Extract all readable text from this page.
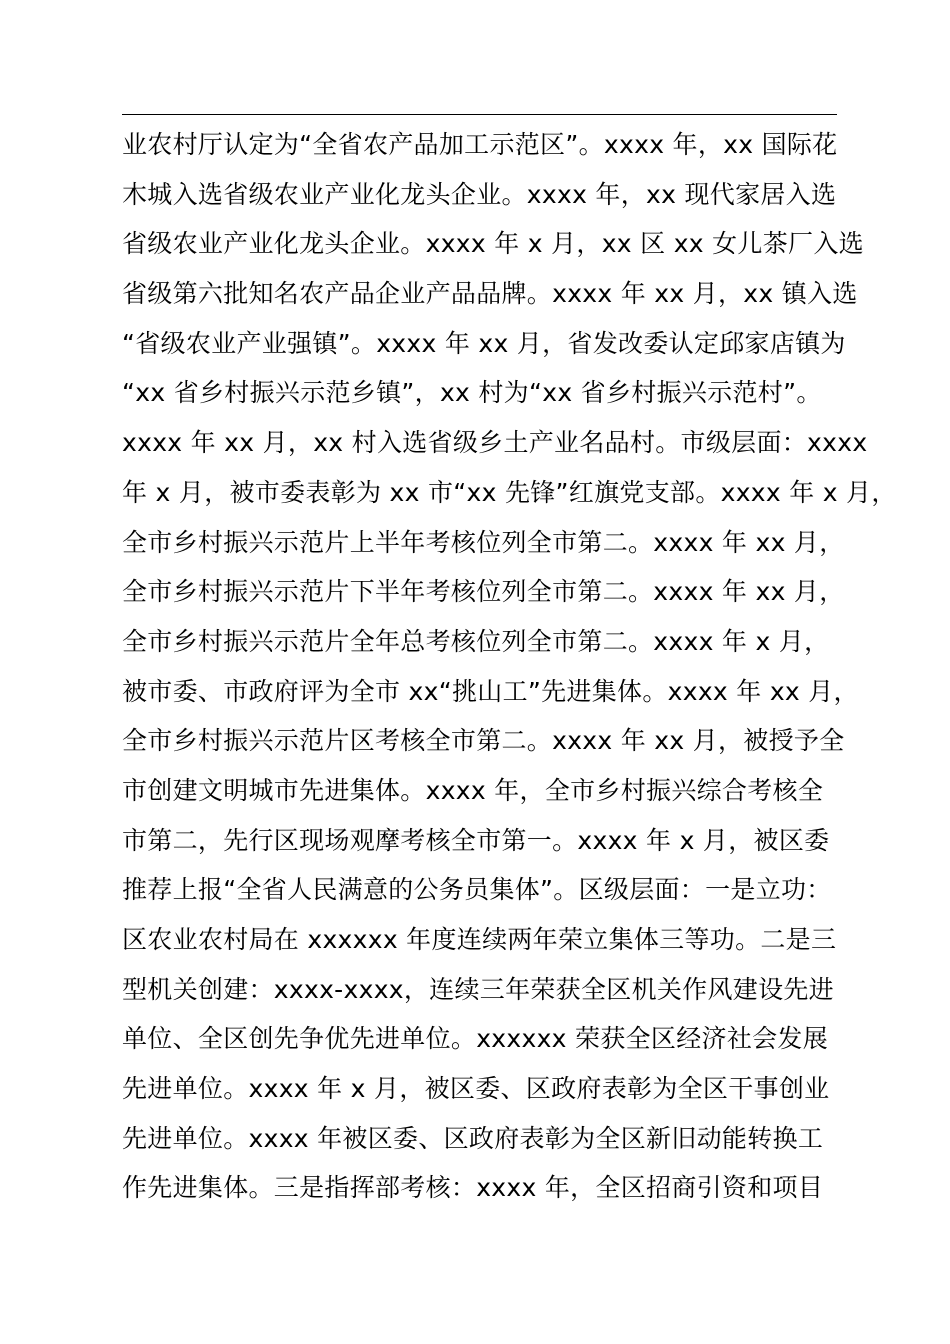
业农村厅认定为“全省农产品加工示范区”。xxxx 年，xx 国际花
木城入选省级农业产业化龙头企业。xxxx 年，xx 现代家居入选
省级农业产业化龙头企业。xxxx 年 x 月，xx 区 xx 女儿茶厂入选
省级第六批知名农产品企业产品品牌。xxxx 年 xx 月，xx 镇入选
“省级农业产业强镇”。xxxx 年 xx 月，省发改委认定邱家店镇为
“xx 省乡村振兴示范乡镇”，xx 村为“xx 省乡村振兴示范村”。
xxxx 年 xx 月，xx 村入选省级乡土产业名品村。市级层面：xxxx
年 x 月，被市委表彰为 xx 市“xx 先锋”红旗党支部。xxxx 年 x 月，
全市乡村振兴示范片上半年考核位列全市第二。xxxx 年 xx 月，
全市乡村振兴示范片下半年考核位列全市第二。xxxx 年 xx 月，
全市乡村振兴示范片全年总考核位列全市第二。xxxx 年 x 月，
被市委、市政府评为全市 xx“挑山工”先进集体。xxxx 年 xx 月，
全市乡村振兴示范片区考核全市第二。xxxx 年 xx 月，被授予全
市创建文明城市先进集体。xxxx 年，全市乡村振兴综合考核全
市第二，先行区现场观摩考核全市第一。xxxx 年 x 月，被区委
推荐上报“全省人民满意的公务员集体”。区级层面：一是立功：
区农业农村局在 xxxxxx 年度连续两年荣立集体三等功。二是三
型机关创建：xxxx-xxxx，连续三年荣获全区机关作风建设先进
单位、全区创先争优先进单位。xxxxxx 荣获全区经济社会发展
先进单位。xxxx 年 x 月，被区委、区政府表彰为全区干事创业
先进单位。xxxx 年被区委、区政府表彰为全区新旧动能转换工
作先进集体。三是指挥部考核：xxxx 年，全区招商引资和项目
